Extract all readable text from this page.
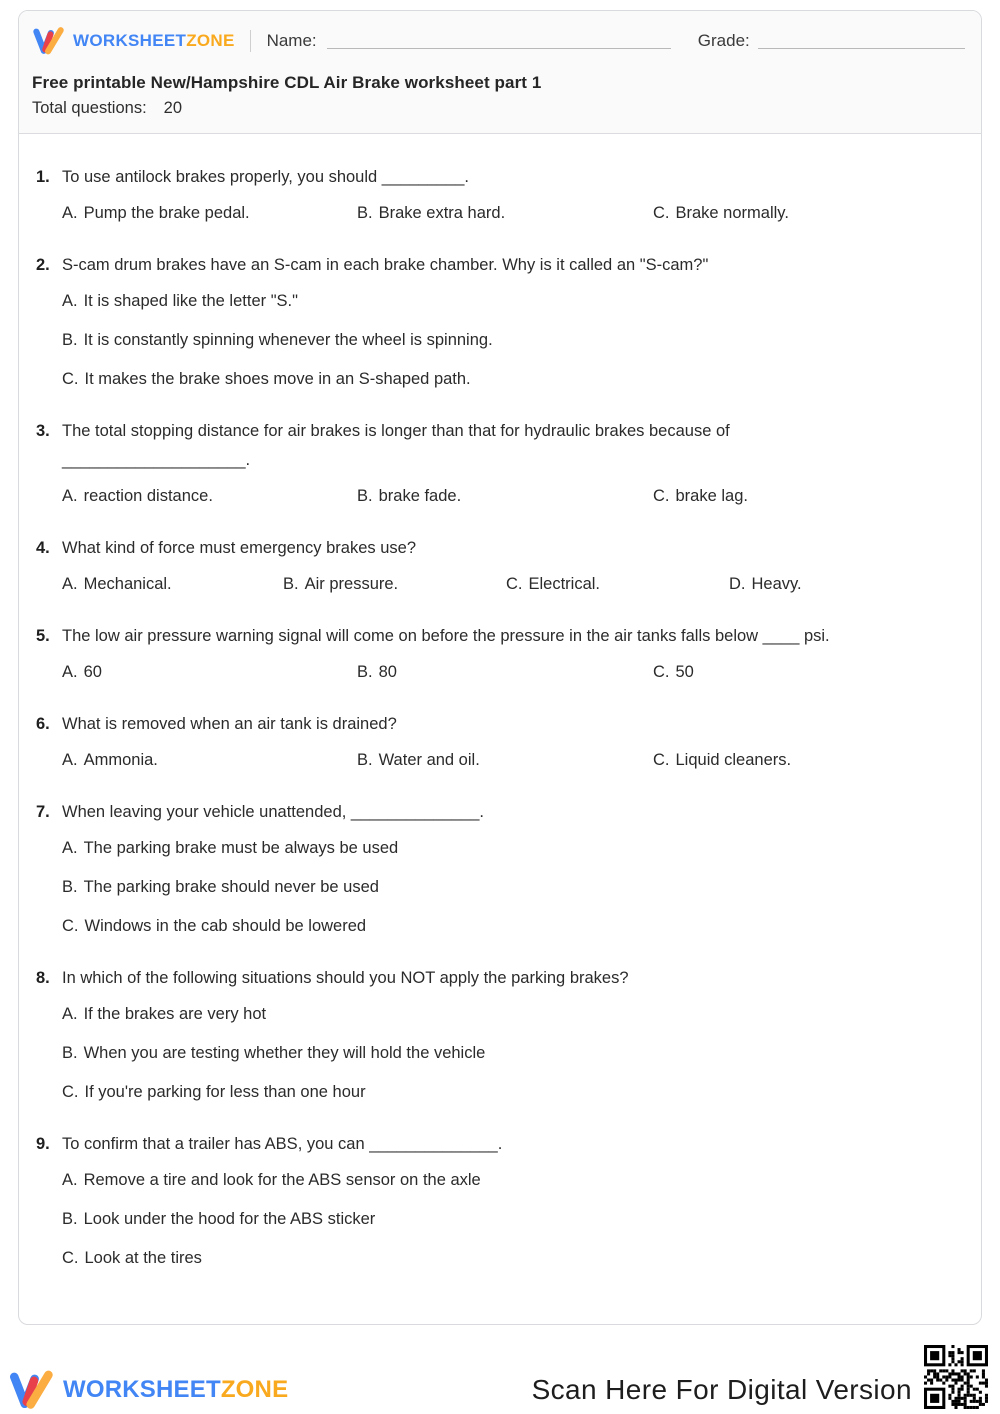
WORKSHEETZONE Name:	Grade:
Free printable New/Hampshire CDL Air Brake worksheet part 1
Total questions: 20
1. To use antilock brakes properly, you should _________.
A. Pump the brake pedal.	B. Brake extra hard.	C. Brake normally.
2. S-cam drum brakes have an S-cam in each brake chamber. Why is it called an "S-cam?"
A. It is shaped like the letter "S."
B. It is constantly spinning whenever the wheel is spinning.
C. It makes the brake shoes move in an S-shaped path.
3. The total stopping distance for air brakes is longer than that for hydraulic brakes because of ____________________.
A. reaction distance.	B. brake fade.	C. brake lag.
4. What kind of force must emergency brakes use?
A. Mechanical.	B. Air pressure.	C. Electrical.	D. Heavy.
5. The low air pressure warning signal will come on before the pressure in the air tanks falls below ____ psi.
A. 60	B. 80	C. 50
6. What is removed when an air tank is drained?
A. Ammonia.	B. Water and oil.	C. Liquid cleaners.
7. When leaving your vehicle unattended, ______________.
A. The parking brake must be always be used
B. The parking brake should never be used
C. Windows in the cab should be lowered
8. In which of the following situations should you NOT apply the parking brakes?
A. If the brakes are very hot
B. When you are testing whether they will hold the vehicle
C. If you're parking for less than one hour
9. To confirm that a trailer has ABS, you can ______________.
A. Remove a tire and look for the ABS sensor on the axle
B. Look under the hood for the ABS sticker
C. Look at the tires
WORKSHEETZONE	Scan Here For Digital Version
